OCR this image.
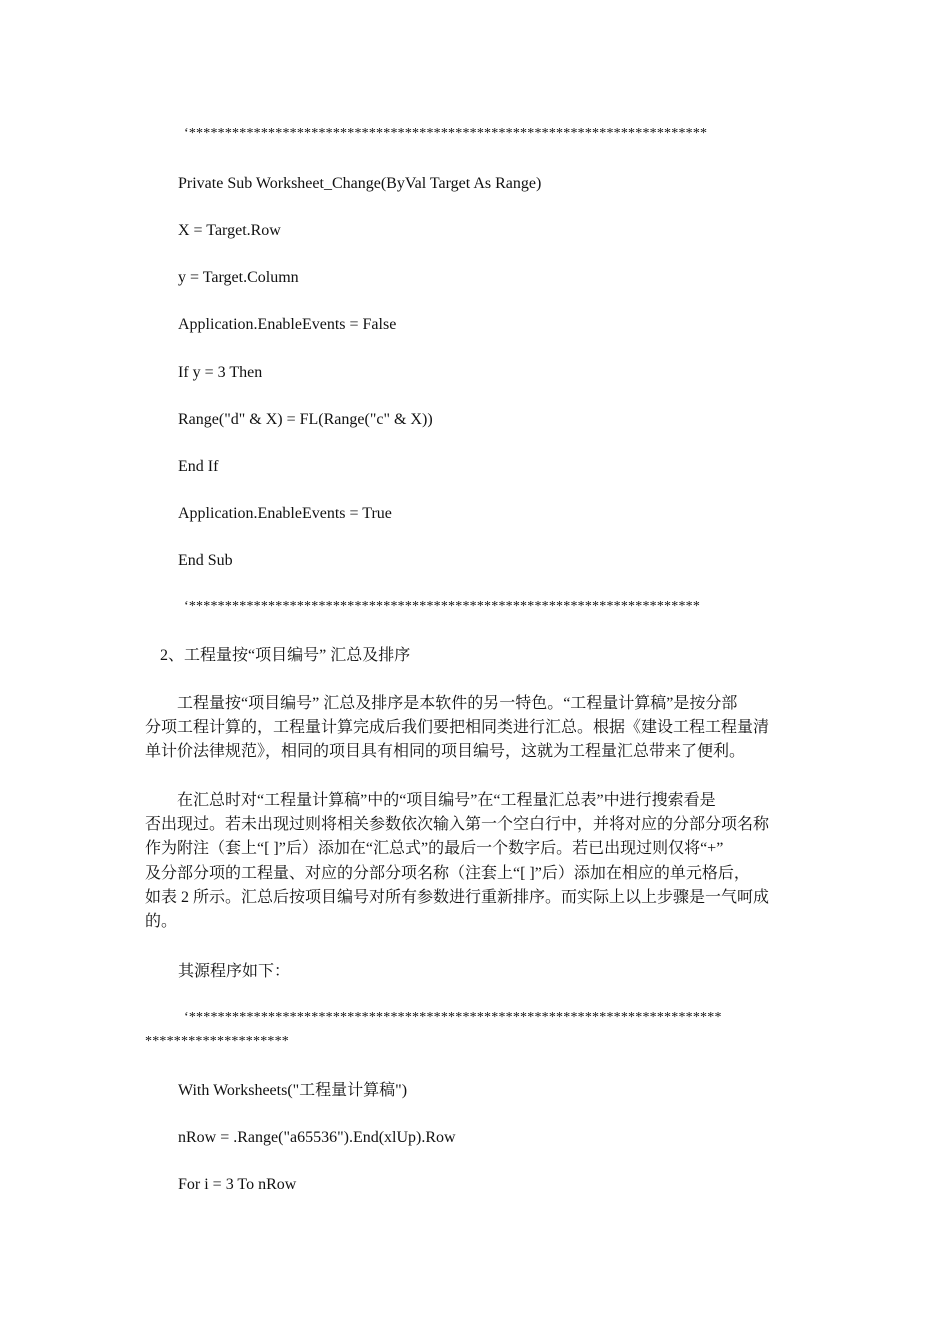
‘************************************************************************

Private Sub Worksheet_Change(ByVal Target As Range)

X = Target.Row

y = Target.Column

Application.EnableEvents = False

If y = 3 Then

Range("d" & X) = FL(Range("c" & X))

End If

Application.EnableEvents = True

End Sub

‘***********************************************************************

2、工程量按“项目编号” 汇总及排序

　　工程量按“项目编号” 汇总及排序是本软件的另一特色。“工程量计算稿”是按分部

分项工程计算的，工程量计算完成后我们要把相同类进行汇总。根据《建设工程工程量清

单计价法律规范》，相同的项目具有相同的项目编号，这就为工程量汇总带来了便利。

　　在汇总时对“工程量计算稿”中的“项目编号”在“工程量汇总表”中进行搜索看是

否出现过。若未出现过则将相关参数依次输入第一个空白行中，并将对应的分部分项名称

作为附注（套上“[ ]”后）添加在“汇总式”的最后一个数字后。若已出现过则仅将“+”

及分部分项的工程量、对应的分部分项名称（注套上“[ ]”后）添加在相应的单元格后，

如表 2 所示。汇总后按项目编号对所有参数进行重新排序。而实际上以上步骤是一气呵成

的。

其源程序如下：

‘**************************************************************************

********************

With Worksheets("工程量计算稿")

nRow = .Range("a65536").End(xlUp).Row

For i = 3 To nRow
